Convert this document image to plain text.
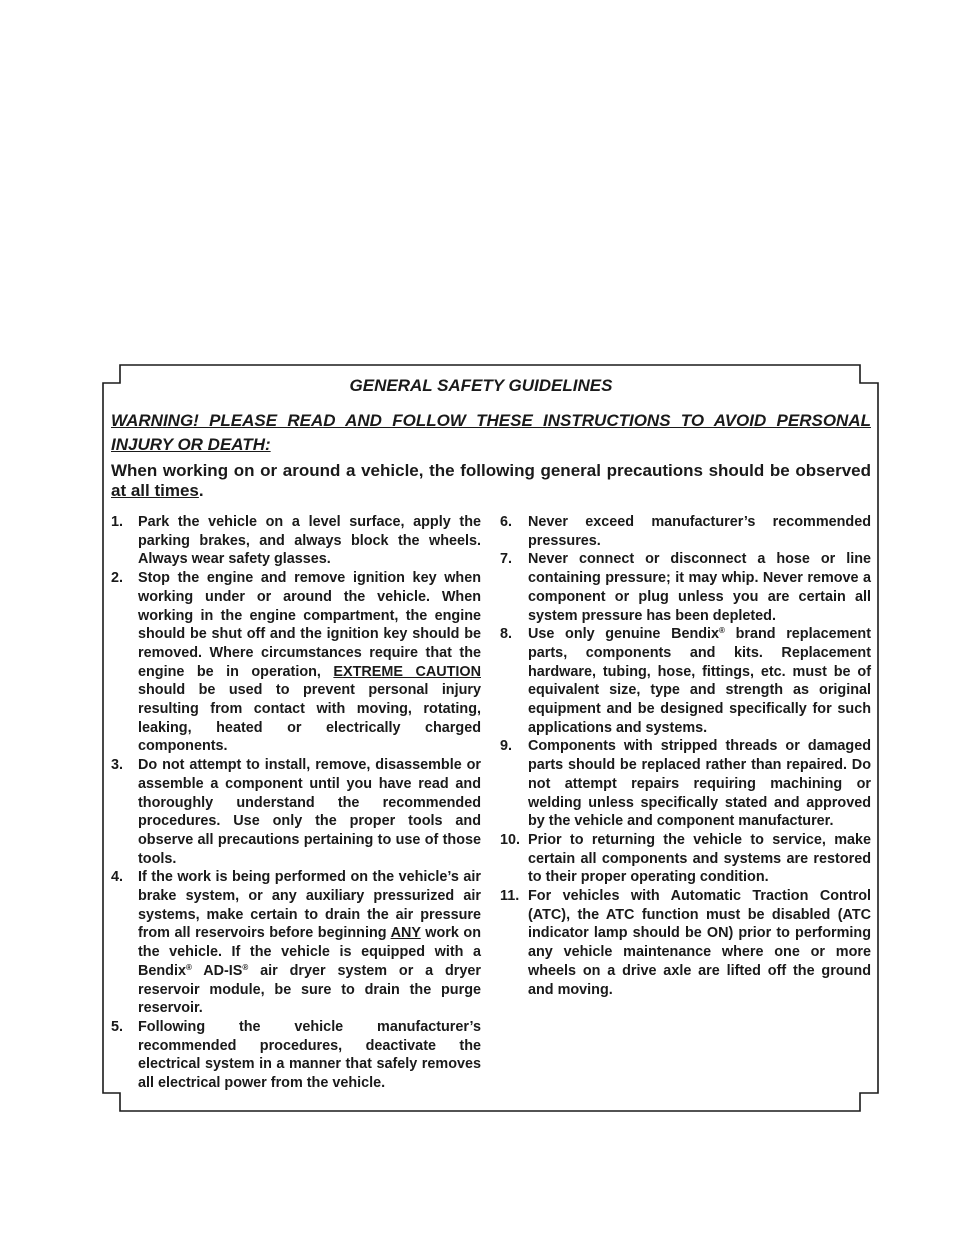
GENERAL SAFETY GUIDELINES
WARNING! PLEASE READ AND FOLLOW THESE INSTRUCTIONS TO AVOID PERSONAL INJURY OR DEATH:
When working on or around a vehicle, the following general precautions should be observed at all times.
1.	Park the vehicle on a level surface, apply the parking brakes, and always block the wheels. Always wear safety glasses.
2.	Stop the engine and remove ignition key when working under or around the vehicle. When working in the engine compartment, the engine should be shut off and the ignition key should be removed. Where circumstances require that the engine be in operation, EXTREME CAUTION should be used to prevent personal injury resulting from contact with moving, rotating, leaking, heated or electrically charged components.
3.	Do not attempt to install, remove, disassemble or assemble a component until you have read and thoroughly understand the recommended procedures. Use only the proper tools and observe all precautions pertaining to use of those tools.
4.	If the work is being performed on the vehicle’s air brake system, or any auxiliary pressurized air systems, make certain to drain the air pressure from all reservoirs before beginning ANY work on the vehicle. If the vehicle is equipped with a Bendix® AD-IS® air dryer system or a dryer reservoir module, be sure to drain the purge reservoir.
5.	Following the vehicle manufacturer’s recommended procedures, deactivate the electrical system in a manner that safely removes all electrical power from the vehicle.
6.	Never exceed manufacturer’s recommended pressures.
7.	Never connect or disconnect a hose or line containing pressure; it may whip. Never remove a component or plug unless you are certain all system pressure has been depleted.
8.	Use only genuine Bendix® brand replacement parts, components and kits. Replacement hardware, tubing, hose, fittings, etc. must be of equivalent size, type and strength as original equipment and be designed specifically for such applications and systems.
9.	Components with stripped threads or damaged parts should be replaced rather than repaired. Do not attempt repairs requiring machining or welding unless specifically stated and approved by the vehicle and component manufacturer.
10. Prior to returning the vehicle to service, make certain all components and systems are restored to their proper operating condition.
11. For vehicles with Automatic Traction Control (ATC), the ATC function must be disabled (ATC indicator lamp should be ON) prior to performing any vehicle maintenance where one or more wheels on a drive axle are lifted off the ground and moving.
